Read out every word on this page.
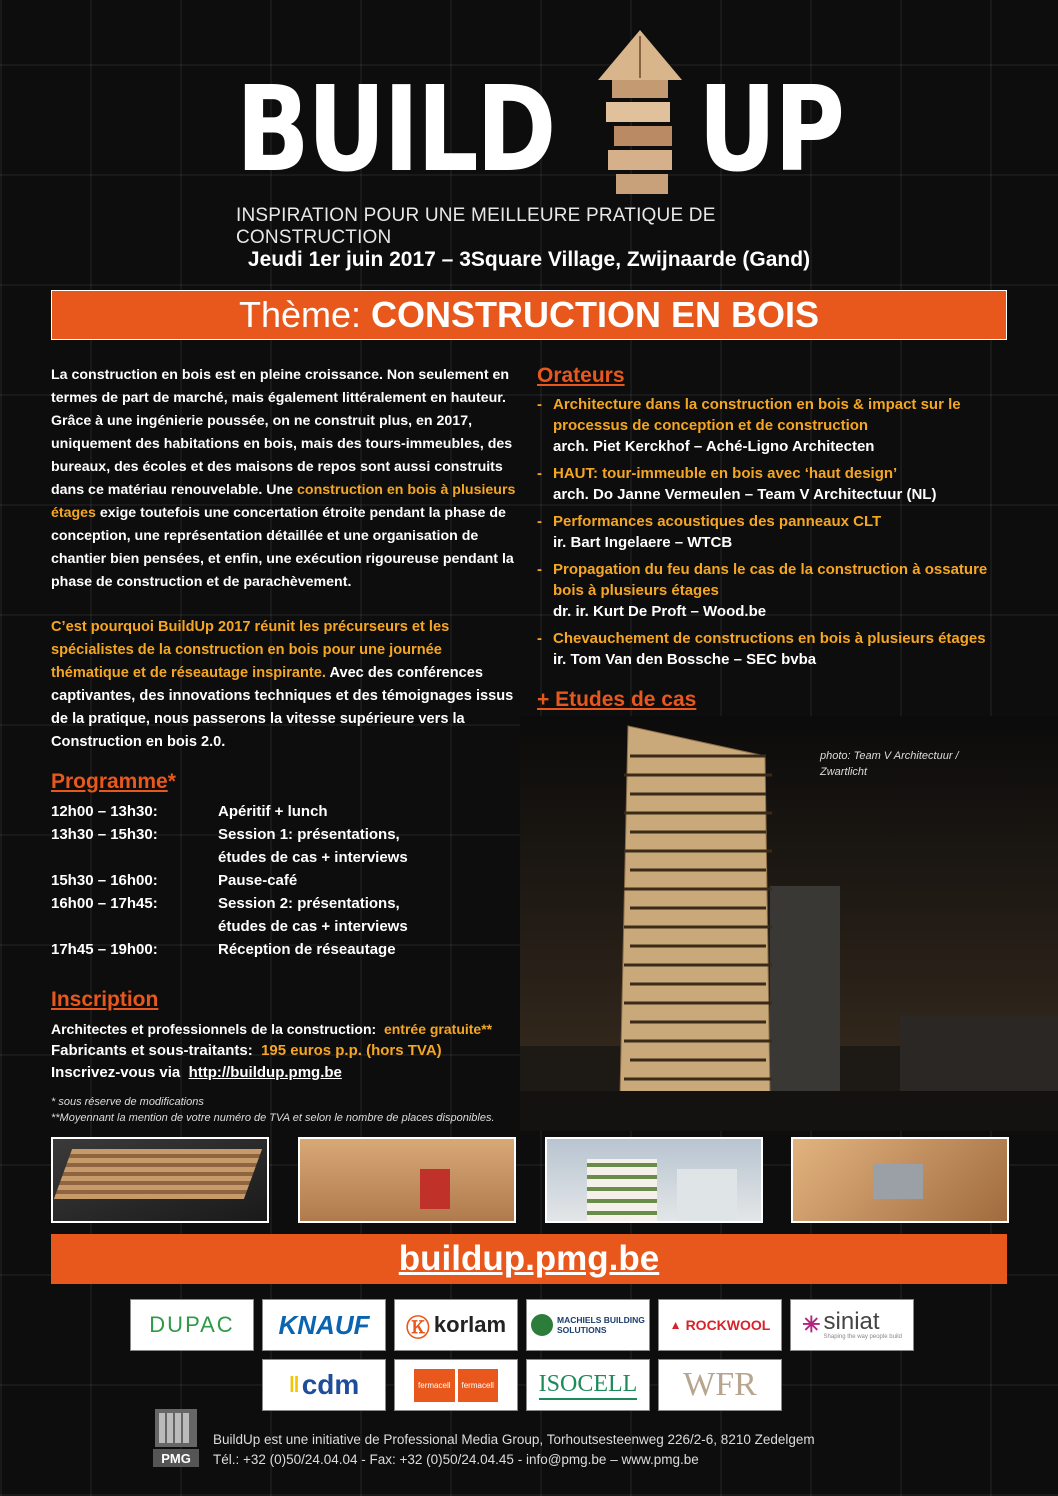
BUILD UP
INSPIRATION POUR UNE MEILLEURE PRATIQUE DE CONSTRUCTION
Jeudi 1er juin 2017 – 3Square Village, Zwijnaarde (Gand)
Thème: CONSTRUCTION EN BOIS

La construction en bois est en pleine croissance. Non seulement en termes de part de marché, mais également littéralement en hauteur. Grâce à une ingénierie poussée, on ne construit plus, en 2017, uniquement des habitations en bois, mais des tours-immeubles, des bureaux, des écoles et des maisons de repos sont aussi construits dans ce matériau renouvelable. Une construction en bois à plusieurs étages exige toutefois une concertation étroite pendant la phase de conception, une représentation détaillée et une organisation de chantier bien pensées, et enfin, une exécution rigoureuse pendant la phase de construction et de parachèvement.

C’est pourquoi BuildUp 2017 réunit les précurseurs et les spécialistes de la construction en bois pour une journée thématique et de réseautage inspirante. Avec des conférences captivantes, des innovations techniques et des témoignages issus de la pratique, nous passerons la vitesse supérieure vers la Construction en bois 2.0.

Programme*
12h00 – 13h30:	Apéritif + lunch
13h30 – 15h30:	Session 1: présentations,
études de cas + interviews
15h30 – 16h00:	Pause-café
16h00 – 17h45:	Session 2: présentations,
études de cas + interviews
17h45 – 19h00:	Réception de réseautage
Inscription
Architectes et professionnels de la construction: entrée gratuite**
Fabricants et sous-traitants: 195 euros p.p. (hors TVA)
Inscrivez-vous via http://buildup.pmg.be
* sous réserve de modifications
**Moyennant la mention de votre numéro de TVA et selon le nombre de places disponibles.
Orateurs
- Architecture dans la construction en bois & impact sur le processus de conception et de construction
arch. Piet Kerckhof – Aché-Ligno Architecten
- HAUT: tour-immeuble en bois avec ‘haut design’
arch. Do Janne Vermeulen – Team V Architectuur (NL)
- Performances acoustiques des panneaux CLT
ir. Bart Ingelaere – WTCB
- Propagation du feu dans le cas de la construction à ossature bois à plusieurs étages
dr. ir. Kurt De Proft – Wood.be
- Chevauchement de constructions en bois à plusieurs étages
ir. Tom Van den Bossche – SEC bvba
+ Etudes de cas
photo: Team V Architectuur / Zwartlicht
buildup.pmg.be
DUPAC KNAUF Ⓚ korlam	MACHIELS BUILDING SOLUTIONS	▲ ROCKWOOL ✳ siniat
Shaping the way people build
ǁ cdm	fermacell	fermacell ISOCELL WFR
PMG
BuildUp est une initiative de Professional Media Group, Torhoutsesteenweg 226/2-6, 8210 Zedelgem
Tél.: +32 (0)50/24.04.04 - Fax: +32 (0)50/24.04.45 - info@pmg.be – www.pmg.be
